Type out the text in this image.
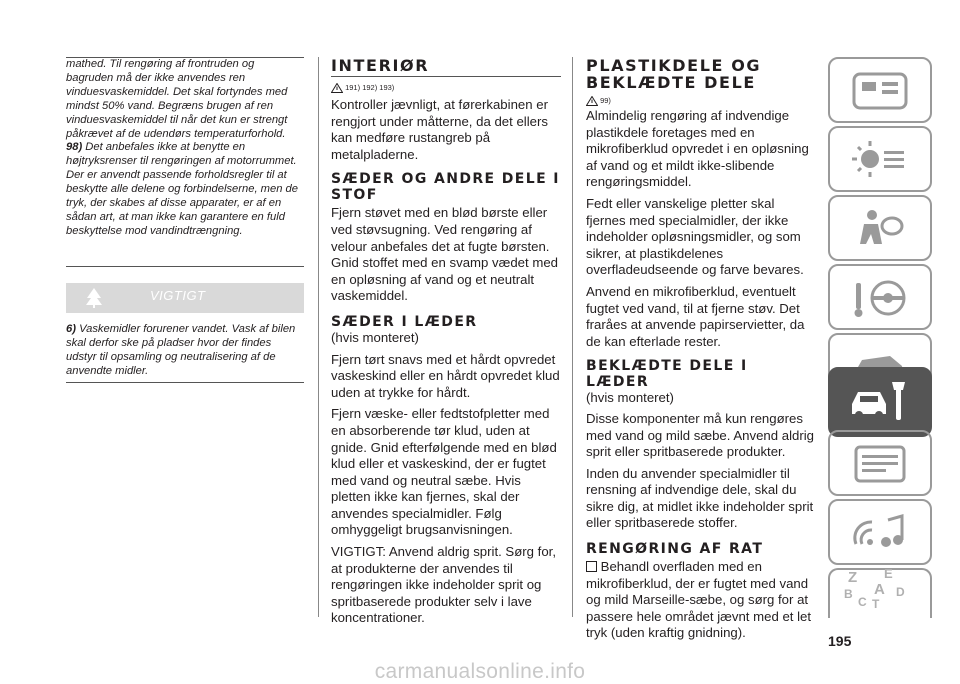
mathed. Til rengøring af frontruden og bagruden må der ikke anvendes ren vinduesvaskemiddel. Det skal fortyndes med mindst 50% vand. Begræns brugen af ren vinduesvaskemiddel til når det kun er strengt påkrævet af de udendørs temperaturforhold.

98) Det anbefales ikke at benytte en højtryksrenser til rengøringen af motorrummet. Der er anvendt passende forholdsregler til at beskytte alle delene og forbindelserne, men de tryk, der skabes af disse apparater, er af en sådan art, at man ikke kan garantere en fuld beskyttelse mod vandindtrængning.

VIGTIGT

6) Vaskemidler forurener vandet. Vask af bilen skal derfor ske på pladser hvor der findes udstyr til opsamling og neutralisering af de anvendte midler.

INTERIØR
191) 192) 193)

Kontroller jævnligt, at førerkabinen er rengjort under måtterne, da det ellers kan medføre rustangreb på metalpladerne.

SÆDER OG ANDRE DELE I STOF

Fjern støvet med en blød børste eller ved støvsugning. Ved rengøring af velour anbefales det at fugte børsten. Gnid stoffet med en svamp vædet med en opløsning af vand og et neutralt vaskemiddel.

SÆDER I LÆDER

(hvis monteret)

Fjern tørt snavs med et hårdt opvredet vaskeskind eller en hårdt opvredet klud uden at trykke for hårdt.

Fjern væske- eller fedtstofpletter med en absorberende tør klud, uden at gnide. Gnid efterfølgende med en blød klud eller et vaskeskind, der er fugtet med vand og neutral sæbe. Hvis pletten ikke kan fjernes, skal der anvendes specialmidler. Følg omhyggeligt brugsanvisningen.

VIGTIGT: Anvend aldrig sprit. Sørg for, at produkterne der anvendes til rengøringen ikke indeholder sprit og spritbaserede produkter selv i lave koncentrationer.

PLASTIKDELE OG BEKLÆDTE DELE
99)

Almindelig rengøring af indvendige plastikdele foretages med en mikrofiberklud opvredet i en opløsning af vand og et mildt ikke-slibende rengøringsmiddel.

Fedt eller vanskelige pletter skal fjernes med specialmidler, der ikke indeholder opløsningsmidler, og som sikrer, at plastikdelenes overfladeudseende og farve bevares.

Anvend en mikrofiberklud, eventuelt fugtet ved vand, til at fjerne støv. Det fraråes at anvende papirservietter, da de kan efterlade rester.

BEKLÆDTE DELE I LÆDER

(hvis monteret)

Disse komponenter må kun rengøres med vand og mild sæbe. Anvend aldrig sprit eller spritbaserede produkter.

Inden du anvender specialmidler til rensning af indvendige dele, skal du sikre dig, at midlet ikke indeholder sprit eller spritbaserede stoffer.

RENGØRING AF RAT

Behandl overfladen med en mikrofiberklud, der er fugtet med vand og mild Marseille-sæbe, og sørg for at passere hele området jævnt med et let tryk (uden kraftig gnidning).

Z E
B A
C T
D
195
carmanualsonline.info
